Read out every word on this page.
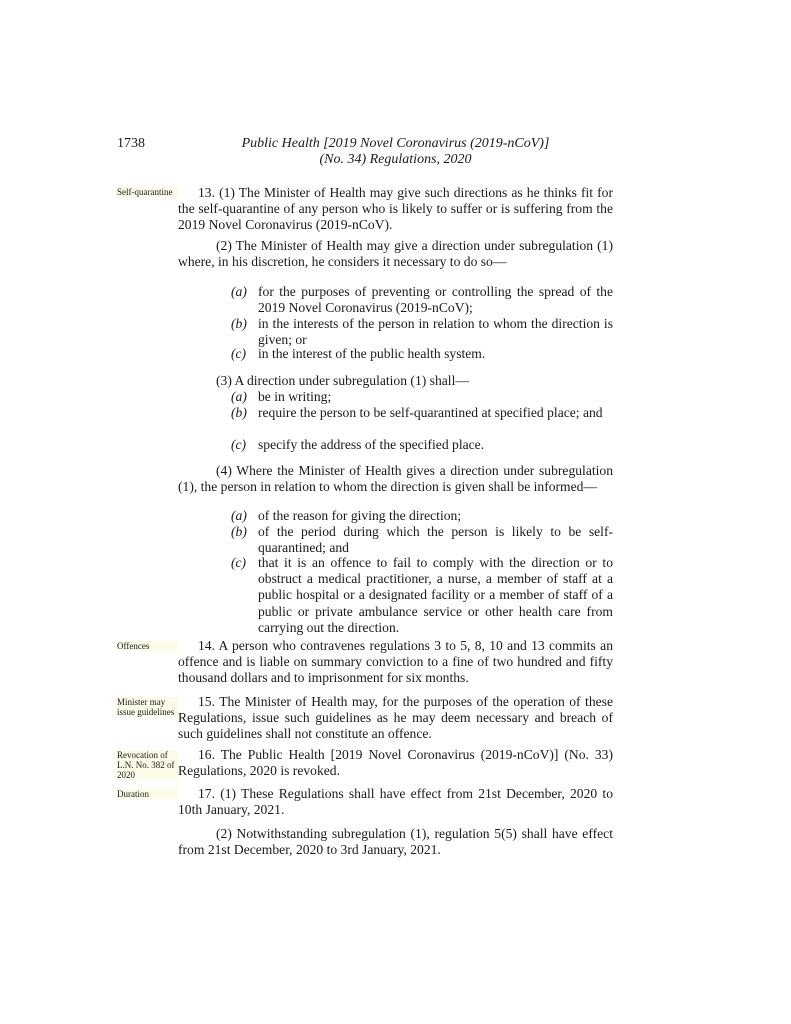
1738	Public Health [2019 Novel Coronavirus (2019-nCoV)]
(No. 34) Regulations, 2020
Self-quarantine
Offences
Minister may issue guidelines
Revocation of L.N. No. 382 of 2020
Duration
13. (1) The Minister of Health may give such directions as he thinks fit for the self-quarantine of any person who is likely to suffer or is suffering from the 2019 Novel Coronavirus (2019-nCoV).
(2) The Minister of Health may give a direction under subregulation (1) where, in his discretion, he considers it necessary to do so—
(a) for the purposes of preventing or controlling the spread of the 2019 Novel Coronavirus (2019-nCoV);
(b) in the interests of the person in relation to whom the direction is given; or
(c) in the interest of the public health system.
(3) A direction under subregulation (1) shall—
(a) be in writing;
(b) require the person to be self-quarantined at specified place; and
(c) specify the address of the specified place.
(4) Where the Minister of Health gives a direction under subregulation (1), the person in relation to whom the direction is given shall be informed—
(a) of the reason for giving the direction;
(b) of the period during which the person is likely to be self-quarantined; and
(c) that it is an offence to fail to comply with the direction or to obstruct a medical practitioner, a nurse, a member of staff at a public hospital or a designated facility or a member of staff of a public or private ambulance service or other health care from carrying out the direction.
14. A person who contravenes regulations 3 to 5, 8, 10 and 13 commits an offence and is liable on summary conviction to a fine of two hundred and fifty thousand dollars and to imprisonment for six months.
15. The Minister of Health may, for the purposes of the operation of these Regulations, issue such guidelines as he may deem necessary and breach of such guidelines shall not constitute an offence.
16. The Public Health [2019 Novel Coronavirus (2019-nCoV)] (No. 33) Regulations, 2020 is revoked.
17. (1) These Regulations shall have effect from 21st December, 2020 to 10th January, 2021.
(2) Notwithstanding subregulation (1), regulation 5(5) shall have effect from 21st December, 2020 to 3rd January, 2021.
